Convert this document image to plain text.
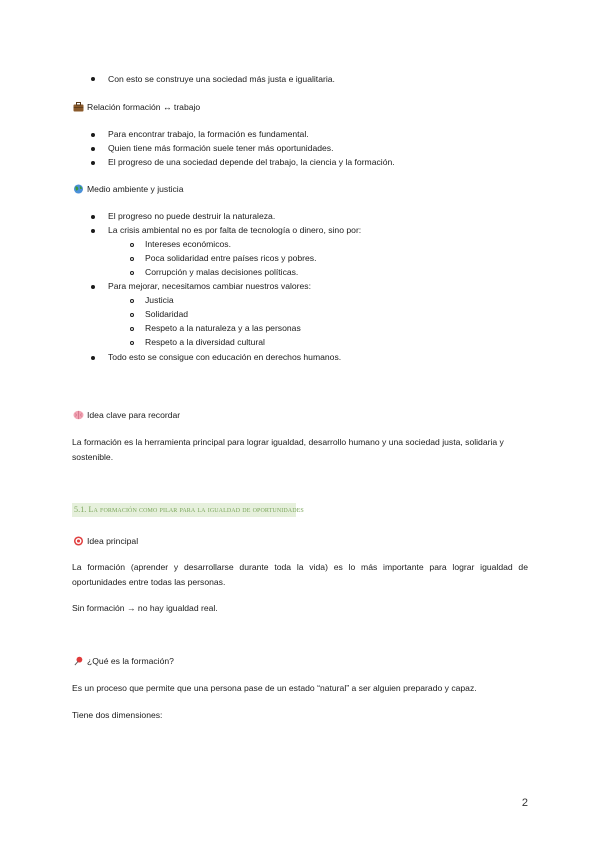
Con esto se construye una sociedad más justa e igualitaria.
Relación formación ↔ trabajo
Para encontrar trabajo, la formación es fundamental.
Quien tiene más formación suele tener más oportunidades.
El progreso de una sociedad depende del trabajo, la ciencia y la formación.
Medio ambiente y justicia
El progreso no puede destruir la naturaleza.
La crisis ambiental no es por falta de tecnología o dinero, sino por:
Intereses económicos.
Poca solidaridad entre países ricos y pobres.
Corrupción y malas decisiones políticas.
Para mejorar, necesitamos cambiar nuestros valores:
Justicia
Solidaridad
Respeto a la naturaleza y a las personas
Respeto a la diversidad cultural
Todo esto se consigue con educación en derechos humanos.
Idea clave para recordar
La formación es la herramienta principal para lograr igualdad, desarrollo humano y una sociedad justa, solidaria y sostenible.
5.1. La formación como pilar para la igualdad de oportunidades
Idea principal
La formación (aprender y desarrollarse durante toda la vida) es lo más importante para lograr igualdad de oportunidades entre todas las personas.
Sin formación → no hay igualdad real.
¿Qué es la formación?
Es un proceso que permite que una persona pase de un estado “natural” a ser alguien preparado y capaz.
Tiene dos dimensiones:
2
